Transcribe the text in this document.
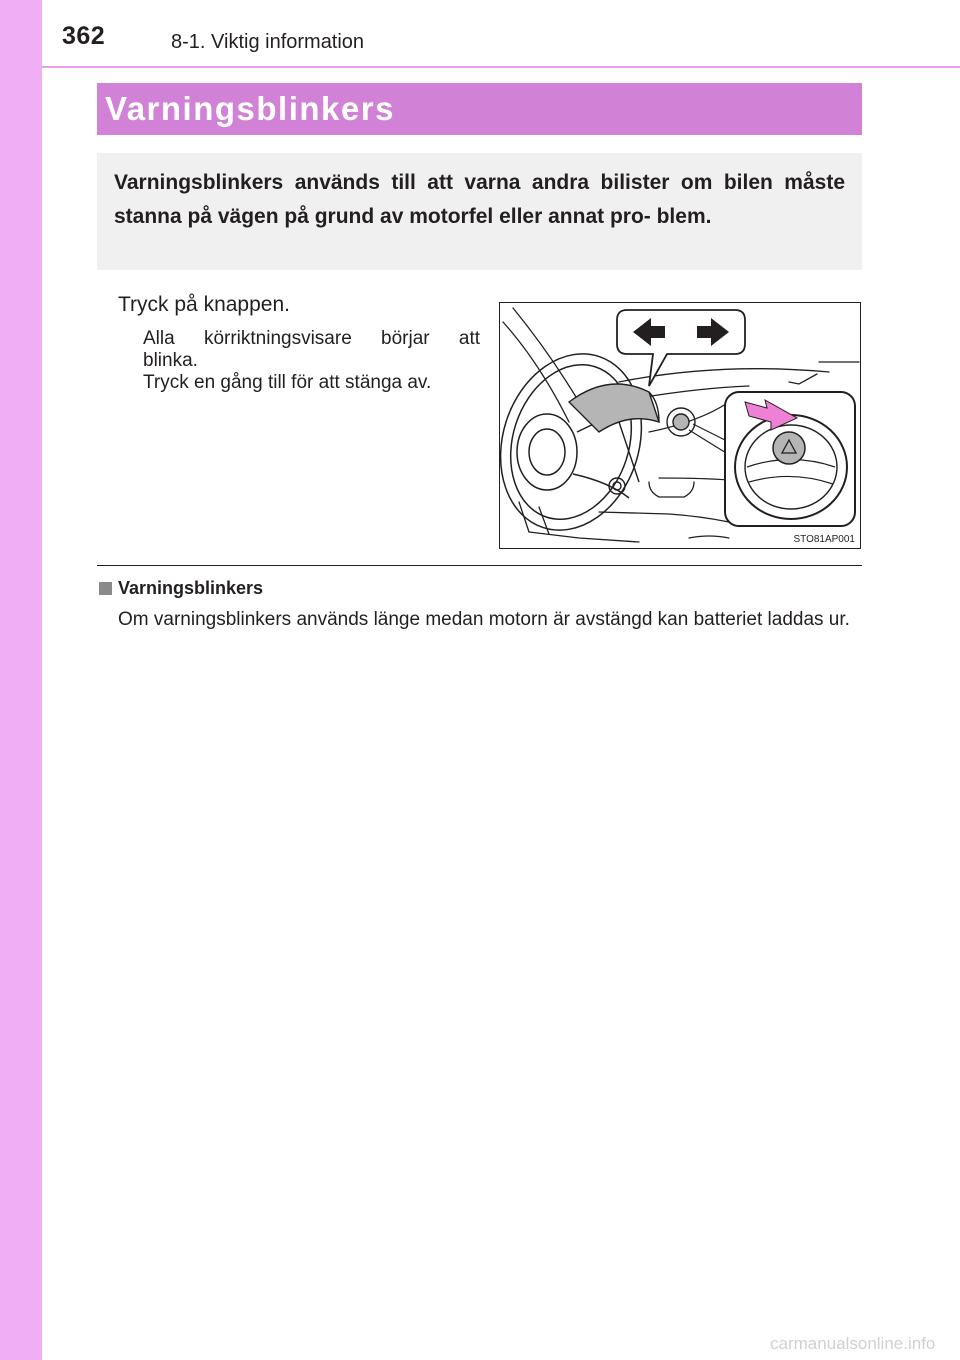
362	8-1. Viktig information
Varningsblinkers

Varningsblinkers används till att varna andra bilister om bilen måste stanna på vägen på grund av motorfel eller annat pro- blem.

Tryck på knappen.
Alla körriktningsvisare börjar att
blinka.
Tryck en gång till för att stänga av.
STO81AP001
Varningsblinkers

Om varningsblinkers används länge medan motorn är avstängd kan batteriet laddas ur.

carmanualsonline.info
